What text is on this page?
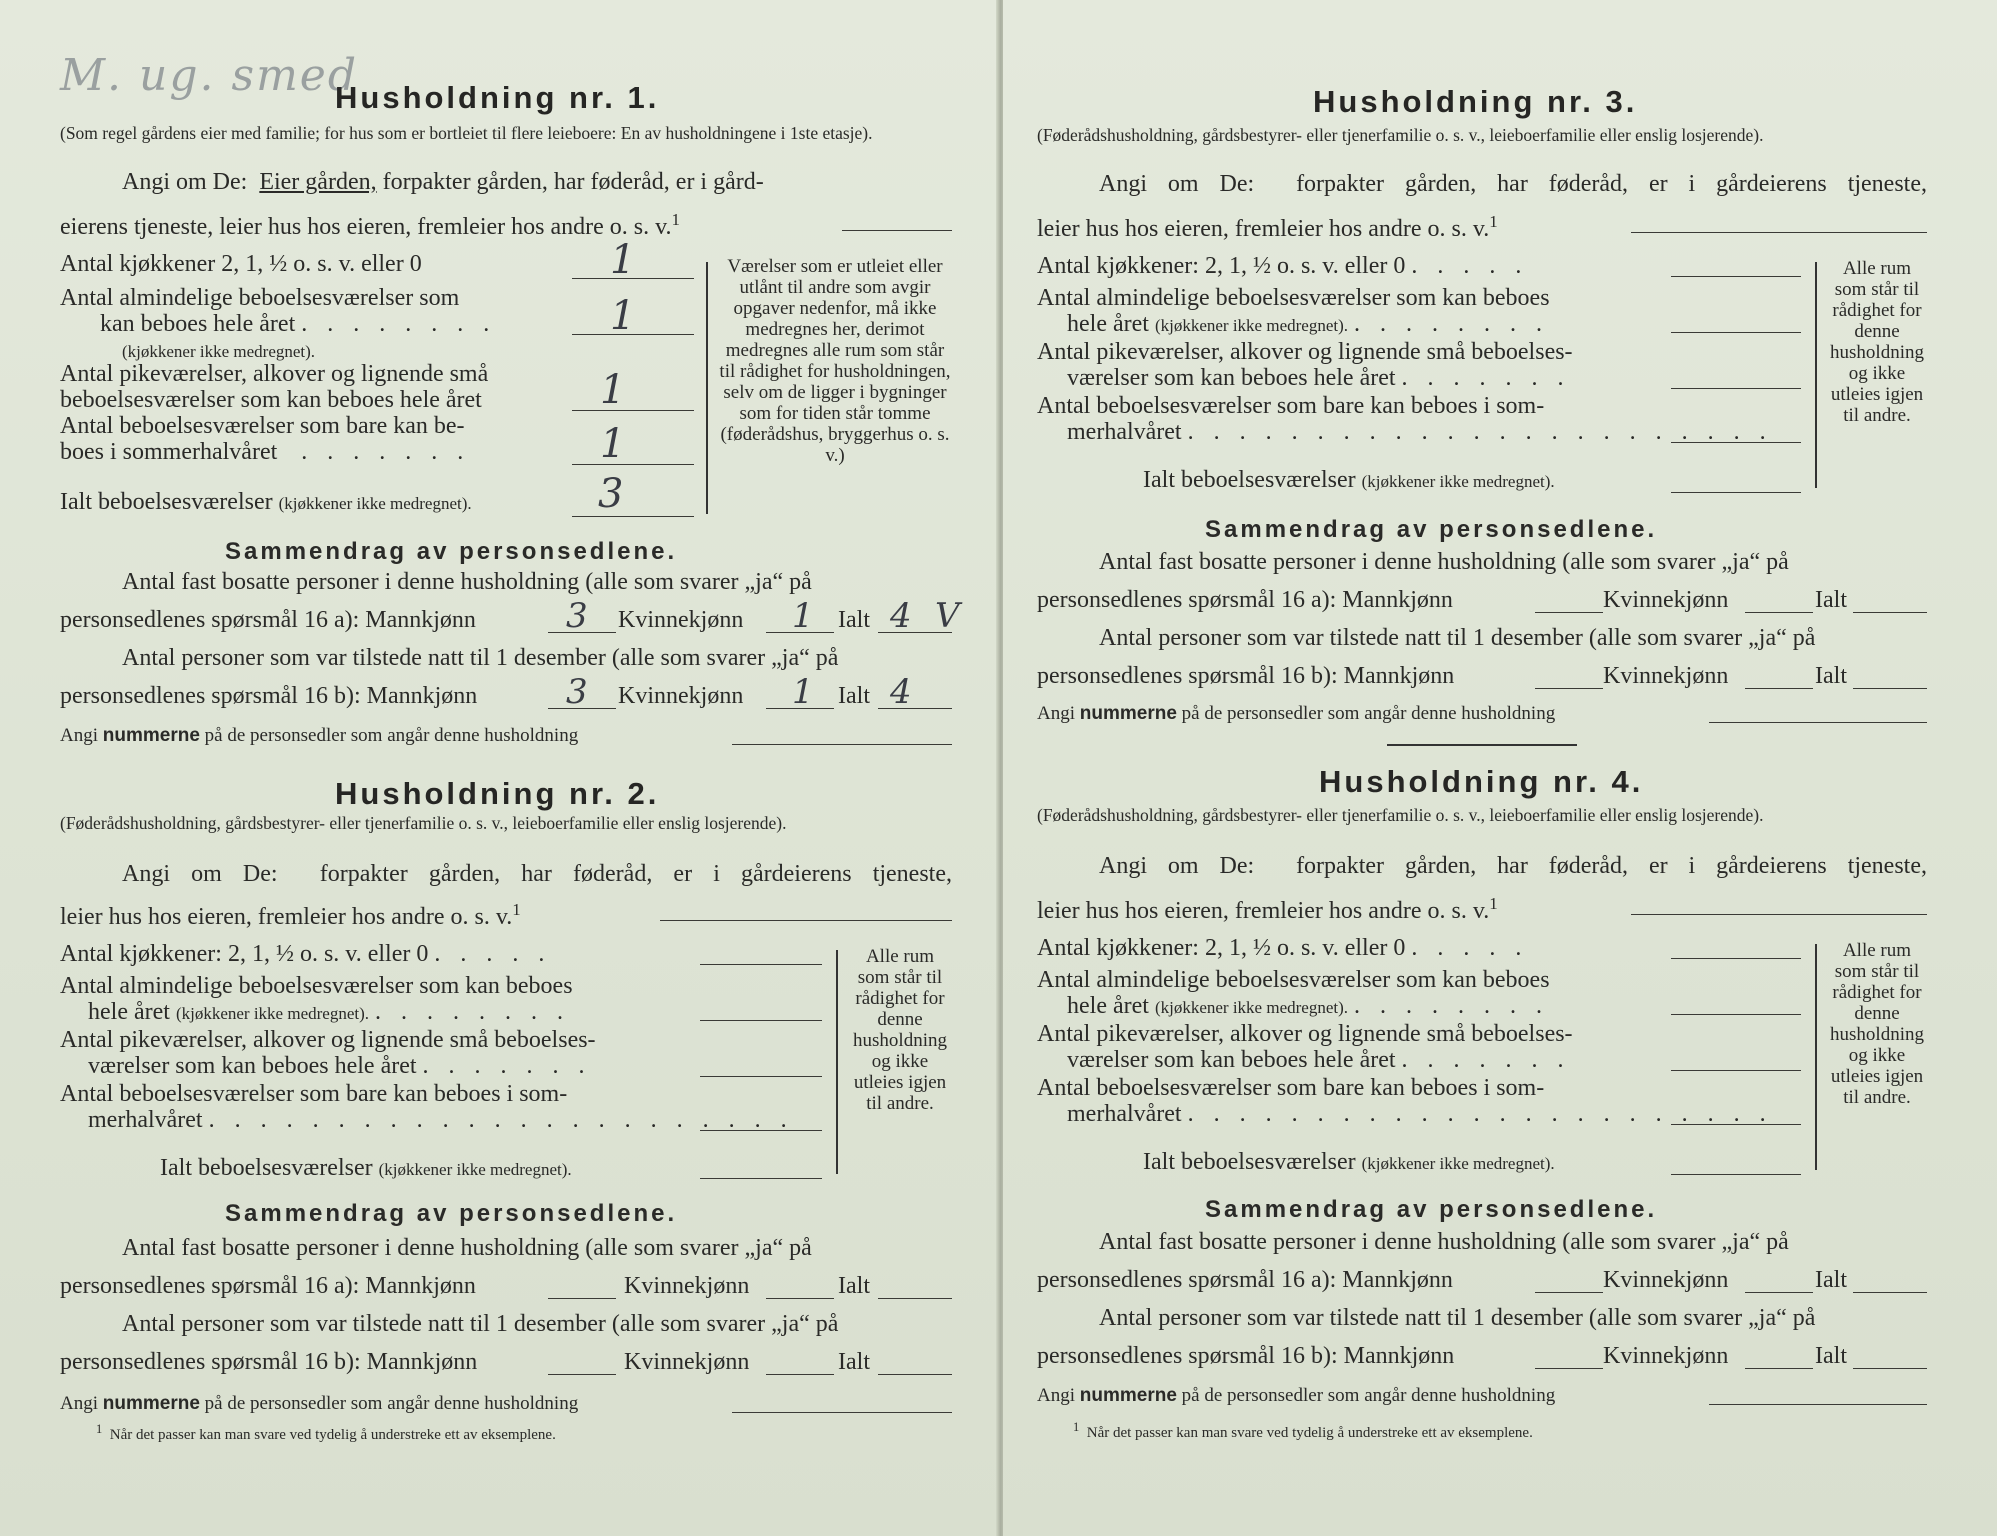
M. ug. smed
Husholdning nr. 1.
(Som regel gårdens eier med familie; for hus som er bortleiet til flere leieboere: En av husholdningene i 1ste etasje).
Angi om De: Eier gården, forpakter gården, har føderåd, er i gård-
eierens tjeneste, leier hus hos eieren, fremleier hos andre o. s. v.$^1$
Antal kjøkkener 2, 1, ½ o. s. v. eller 0	1
Antal almindelige beboelsesværelser som
kan beboes hele året . . . . . . . .	1
(kjøkkener ikke medregnet).
Antal pikeværelser, alkover og lignende små
beboelsesværelser som kan beboes hele året	1
Antal beboelsesværelser som bare kan be-
boes i sommerhalvåret . . . . . . .	1
Ialt beboelsesværelser (kjøkkener ikke medregnet).	3
Værelser som er utleiet eller utlånt til andre som avgir opgaver nedenfor, må ikke medregnes her, derimot medregnes alle rum som står til rådighet for husholdningen, selv om de ligger i bygninger som for tiden står tomme (føderådshus, bryggerhus o. s. v.)
Sammendrag av personsedlene.
Antal fast bosatte personer i denne husholdning (alle som svarer „ja“ på
personsedlenes spørsmål 16 a): Mannkjønn	3 Kvinnekjønn 1 Ialt 4 V
Antal personer som var tilstede natt til 1 desember (alle som svarer „ja“ på
personsedlenes spørsmål 16 b): Mannkjønn	3 Kvinnekjønn 1 Ialt 4
Angi nummerne på de personsedler som angår denne husholdning
Husholdning nr. 2.
(Føderådshusholdning, gårdsbestyrer- eller tjenerfamilie o. s. v., leieboerfamilie eller enslig losjerende).
Angi om De: forpakter gården, har føderåd, er i gårdeierens tjeneste,
leier hus hos eieren, fremleier hos andre o. s. v.$^1$
Antal kjøkkener: 2, 1, ½ o. s. v. eller 0 . . . . .
Antal almindelige beboelsesværelser som kan beboes
hele året (kjøkkener ikke medregnet). . . . . . . . .
Antal pikeværelser, alkover og lignende små beboelses-
værelser som kan beboes hele året . . . . . . .
Antal beboelsesværelser som bare kan beboes i som-
merhalvåret . . . . . . . . . . . . . . . . . . . . . . .
Ialt beboelsesværelser (kjøkkener ikke medregnet).
Alle rum som står til rådighet for denne husholdning og ikke utleies igjen til andre.
Sammendrag av personsedlene.
Antal fast bosatte personer i denne husholdning (alle som svarer „ja“ på
personsedlenes spørsmål 16 a): Mannkjønn	Kvinnekjønn	Ialt
Antal personer som var tilstede natt til 1 desember (alle som svarer „ja“ på
personsedlenes spørsmål 16 b): Mannkjønn	Kvinnekjønn	Ialt
Angi nummerne på de personsedler som angår denne husholdning
$^1$ Når det passer kan man svare ved tydelig å understreke ett av eksemplene.
Husholdning nr. 3.
(Føderådshusholdning, gårdsbestyrer- eller tjenerfamilie o. s. v., leieboerfamilie eller enslig losjerende).
Angi om De: forpakter gården, har føderåd, er i gårdeierens tjeneste,
leier hus hos eieren, fremleier hos andre o. s. v.$^1$
Antal kjøkkener: 2, 1, ½ o. s. v. eller 0 . . . . .
Antal almindelige beboelsesværelser som kan beboes
hele året (kjøkkener ikke medregnet). . . . . . . . .
Antal pikeværelser, alkover og lignende små beboelses-
værelser som kan beboes hele året . . . . . . .
Antal beboelsesværelser som bare kan beboes i som-
merhalvåret . . . . . . . . . . . . . . . . . . . . . . .
Ialt beboelsesværelser (kjøkkener ikke medregnet).
Alle rum som står til rådighet for denne husholdning og ikke utleies igjen til andre.
Sammendrag av personsedlene.
Antal fast bosatte personer i denne husholdning (alle som svarer „ja“ på
personsedlenes spørsmål 16 a): Mannkjønn	Kvinnekjønn	Ialt
Antal personer som var tilstede natt til 1 desember (alle som svarer „ja“ på
personsedlenes spørsmål 16 b): Mannkjønn	Kvinnekjønn	Ialt
Angi nummerne på de personsedler som angår denne husholdning
Husholdning nr. 4.
(Føderådshusholdning, gårdsbestyrer- eller tjenerfamilie o. s. v., leieboerfamilie eller enslig losjerende).
Angi om De: forpakter gården, har føderåd, er i gårdeierens tjeneste,
leier hus hos eieren, fremleier hos andre o. s. v.$^1$
Antal kjøkkener: 2, 1, ½ o. s. v. eller 0 . . . . .
Antal almindelige beboelsesværelser som kan beboes
hele året (kjøkkener ikke medregnet). . . . . . . . .
Antal pikeværelser, alkover og lignende små beboelses-
værelser som kan beboes hele året . . . . . . .
Antal beboelsesværelser som bare kan beboes i som-
merhalvåret . . . . . . . . . . . . . . . . . . . . . . .
Ialt beboelsesværelser (kjøkkener ikke medregnet).
Alle rum som står til rådighet for denne husholdning og ikke utleies igjen til andre.
Sammendrag av personsedlene.
Antal fast bosatte personer i denne husholdning (alle som svarer „ja“ på
personsedlenes spørsmål 16 a): Mannkjønn	Kvinnekjønn	Ialt
Antal personer som var tilstede natt til 1 desember (alle som svarer „ja“ på
personsedlenes spørsmål 16 b): Mannkjønn	Kvinnekjønn	Ialt
Angi nummerne på de personsedler som angår denne husholdning
$^1$ Når det passer kan man svare ved tydelig å understreke ett av eksemplene.
